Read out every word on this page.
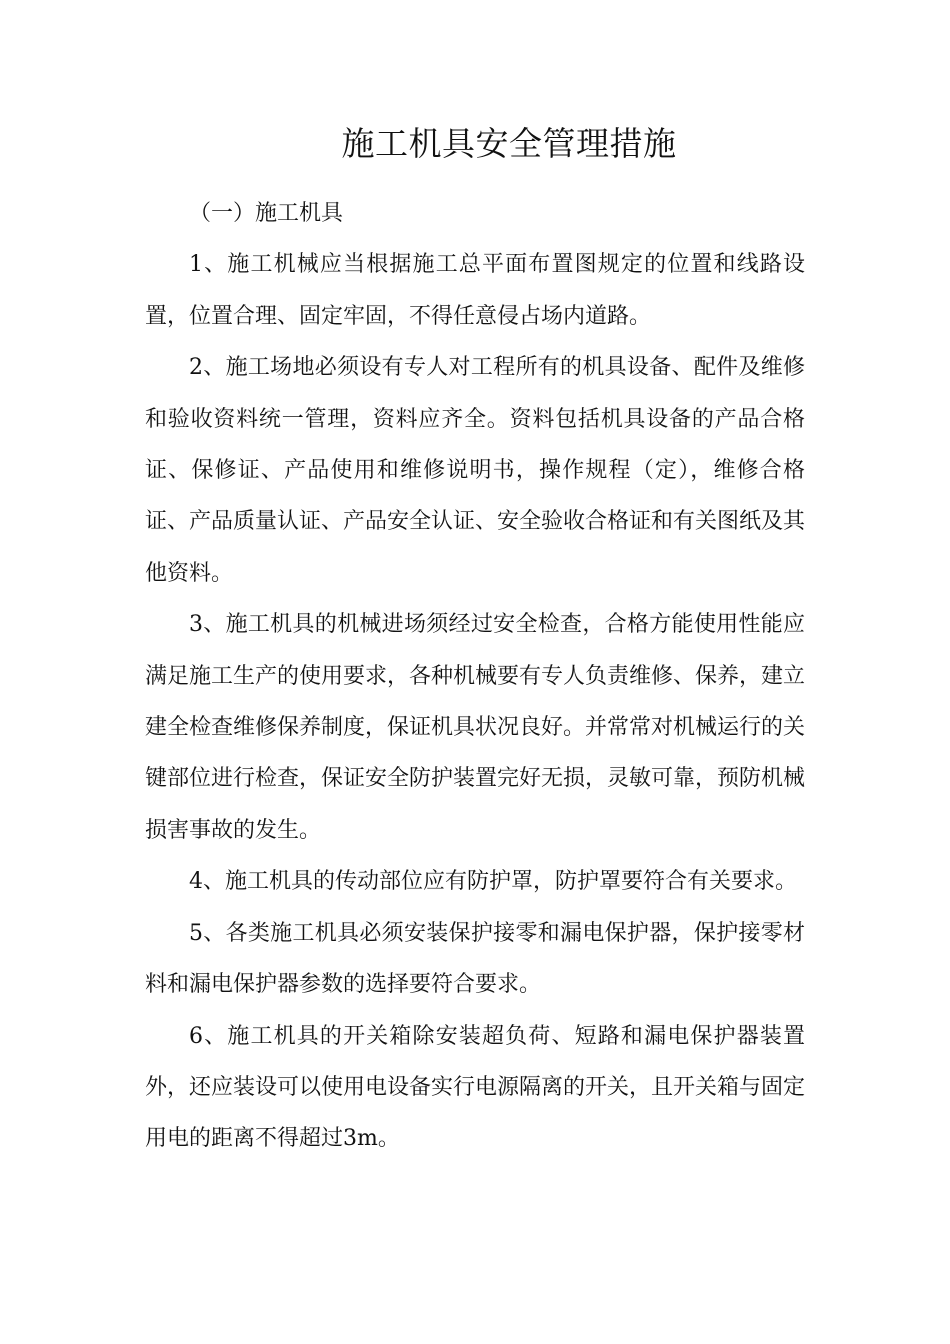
施工机具安全管理措施

（一）施工机具

1、施工机械应当根据施工总平面布置图规定的位置和线路设置，位置合理、固定牢固，不得任意侵占场内道路。

2、施工场地必须设有专人对工程所有的机具设备、配件及维修和验收资料统一管理，资料应齐全。资料包括机具设备的产品合格证、保修证、产品使用和维修说明书，操作规程（定），维修合格证、产品质量认证、产品安全认证、安全验收合格证和有关图纸及其他资料。

3、施工机具的机械进场须经过安全检查，合格方能使用性能应满足施工生产的使用要求，各种机械要有专人负责维修、保养，建立建全检查维修保养制度，保证机具状况良好。并常常对机械运行的关键部位进行检查，保证安全防护装置完好无损，灵敏可靠，预防机械损害事故的发生。

4、施工机具的传动部位应有防护罩，防护罩要符合有关要求。

5、各类施工机具必须安装保护接零和漏电保护器，保护接零材料和漏电保护器参数的选择要符合要求。

6、施工机具的开关箱除安装超负荷、短路和漏电保护器装置外，还应装设可以使用电设备实行电源隔离的开关，且开关箱与固定用电的距离不得超过3m。
